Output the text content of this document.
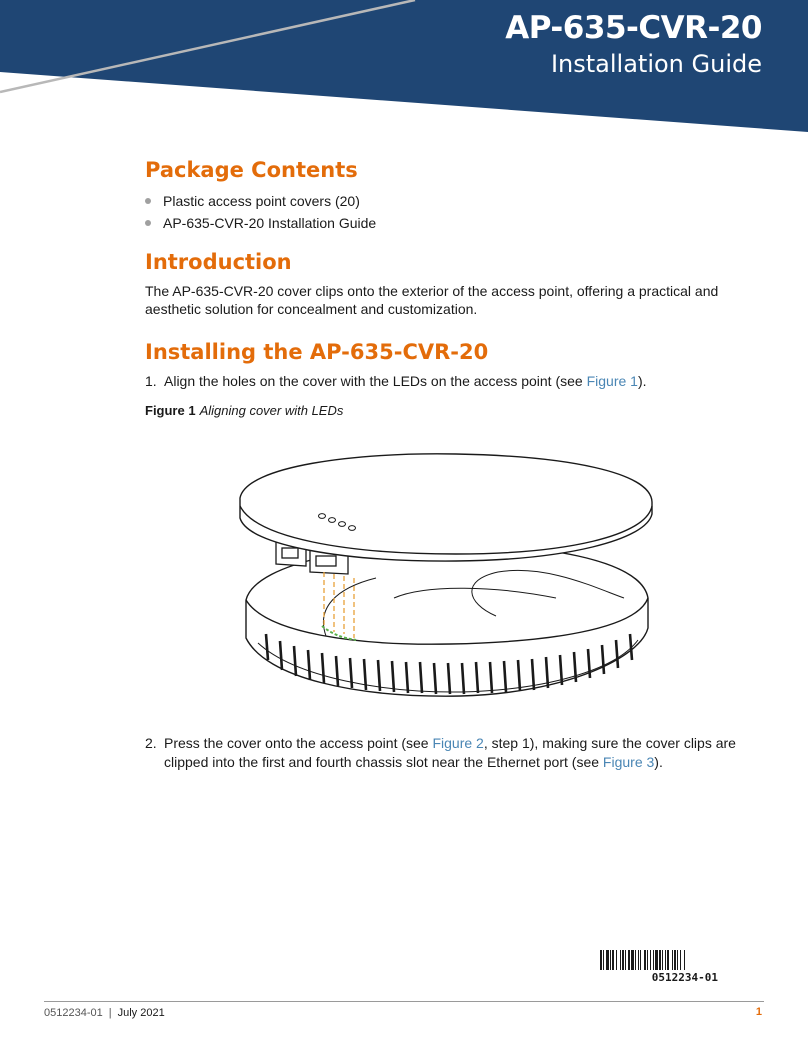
AP-635-CVR-20
Installation Guide
Package Contents
Plastic access point covers (20)
AP-635-CVR-20 Installation Guide
Introduction

The AP-635-CVR-20 cover clips onto the exterior of the access point, offering a practical and aesthetic solution for concealment and customization.

Installing the AP-635-CVR-20

1. Align the holes on the cover with the LEDs on the access point (see Figure 1).

Figure 1 Aligning cover with LEDs

2. Press the cover onto the access point (see Figure 2, step 1), making sure the cover clips are clipped into the first and fourth chassis slot near the Ethernet port (see Figure 3).

0512234-01
0512234-01 | July 2021	1
